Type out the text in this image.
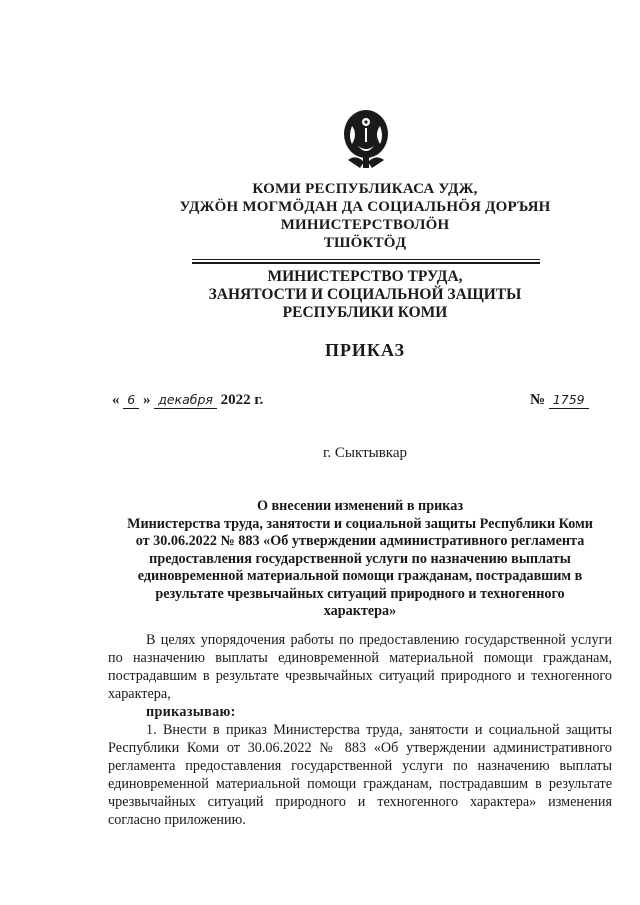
КОМИ РЕСПУБЛИКАСА УДЖ,
УДЖӦН МОГМӦДАН ДА СОЦИАЛЬНӦЯ ДОРЪЯН
МИНИСТЕРСТВОЛӦН
ТШӦКТӦД
МИНИСТЕРСТВО ТРУДА,
ЗАНЯТОСТИ И СОЦИАЛЬНОЙ ЗАЩИТЫ
РЕСПУБЛИКИ КОМИ
ПРИКАЗ
« 6 » декабря 2022 г.	№ 1759
г. Сыктывкар
О внесении изменений в приказ
Министерства труда, занятости и социальной защиты Республики Коми
от 30.06.2022 № 883 «Об утверждении административного регламента
предоставления государственной услуги по назначению выплаты
единовременной материальной помощи гражданам, пострадавшим в
результате чрезвычайных ситуаций природного и техногенного
характера»

В целях упорядочения работы по предоставлению государственной услуги по назначению выплаты единовременной материальной помощи гражданам, пострадавшим в результате чрезвычайных ситуаций природного и техногенного характера,

приказываю:

1. Внести в приказ Министерства труда, занятости и социальной защиты Республики Коми от 30.06.2022 № 883 «Об утверждении административного регламента предоставления государственной услуги по назначению выплаты единовременной материальной помощи гражданам, пострадавшим в результате чрезвычайных ситуаций природного и техногенного характера» изменения согласно приложению.
